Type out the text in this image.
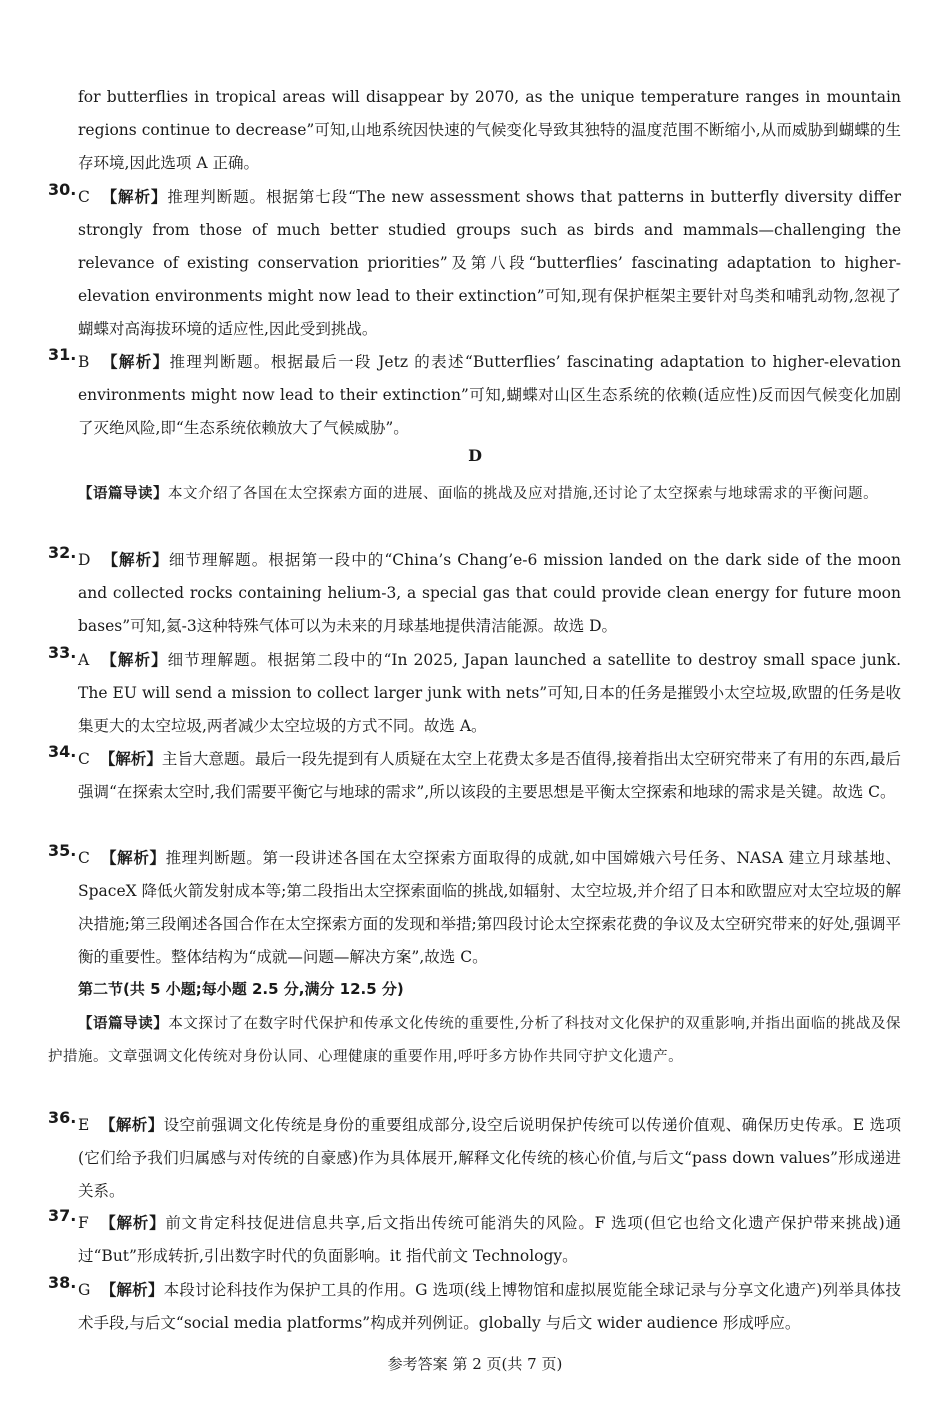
for butterflies in tropical areas will disappear by 2070, as the unique temperature ranges in mountain regions continue to decrease”可知,山地系统因快速的气候变化导致其独特的温度范围不断缩小,从而威胁到蝴蝶的生存环境,因此选项 A 正确。
30. C 【解析】推理判断题。根据第七段“The new assessment shows that patterns in butterfly diversity differ strongly from those of much better studied groups such as birds and mammals—challenging the relevance of existing conservation priorities”及第八段“butterflies’ fascinating adaptation to higher-elevation environments might now lead to their extinction”可知,现有保护框架主要针对鸟类和哺乳动物,忽视了蝴蝶对高海拔环境的适应性,因此受到挑战。
31. B 【解析】推理判断题。根据最后一段 Jetz 的表述“Butterflies’ fascinating adaptation to higher-elevation environments might now lead to their extinction”可知,蝴蝶对山区生态系统的依赖(适应性)反而因气候变化加剧了灭绝风险,即“生态系统依赖放大了气候威胁”。
D
【语篇导读】本文介绍了各国在太空探索方面的进展、面临的挑战及应对措施,还讨论了太空探索与地球需求的平衡问题。
32. D 【解析】细节理解题。根据第一段中的“China’s Chang’e-6 mission landed on the dark side of the moon and collected rocks containing helium-3, a special gas that could provide clean energy for future moon bases”可知,氦-3这种特殊气体可以为未来的月球基地提供清洁能源。故选 D。
33. A 【解析】细节理解题。根据第二段中的“In 2025, Japan launched a satellite to destroy small space junk. The EU will send a mission to collect larger junk with nets”可知,日本的任务是摧毁小太空垃圾,欧盟的任务是收集更大的太空垃圾,两者减少太空垃圾的方式不同。故选 A。
34. C 【解析】主旨大意题。最后一段先提到有人质疑在太空上花费太多是否值得,接着指出太空研究带来了有用的东西,最后强调“在探索太空时,我们需要平衡它与地球的需求”,所以该段的主要思想是平衡太空探索和地球的需求是关键。故选 C。
35. C 【解析】推理判断题。第一段讲述各国在太空探索方面取得的成就,如中国嫦娥六号任务、NASA 建立月球基地、SpaceX 降低火箭发射成本等;第二段指出太空探索面临的挑战,如辐射、太空垃圾,并介绍了日本和欧盟应对太空垃圾的解决措施;第三段阐述各国合作在太空探索方面的发现和举措;第四段讨论太空探索花费的争议及太空研究带来的好处,强调平衡的重要性。整体结构为“成就—问题—解决方案”,故选 C。
第二节(共 5 小题;每小题 2.5 分,满分 12.5 分)
【语篇导读】本文探讨了在数字时代保护和传承文化传统的重要性,分析了科技对文化保护的双重影响,并指出面临的挑战及保护措施。文章强调文化传统对身份认同、心理健康的重要作用,呼吁多方协作共同守护文化遗产。
36. E 【解析】设空前强调文化传统是身份的重要组成部分,设空后说明保护传统可以传递价值观、确保历史传承。E 选项(它们给予我们归属感与对传统的自豪感)作为具体展开,解释文化传统的核心价值,与后文“pass down values”形成递进关系。
37. F 【解析】前文肯定科技促进信息共享,后文指出传统可能消失的风险。F 选项(但它也给文化遗产保护带来挑战)通过“But”形成转折,引出数字时代的负面影响。it 指代前文 Technology。
38. G 【解析】本段讨论科技作为保护工具的作用。G 选项(线上博物馆和虚拟展览能全球记录与分享文化遗产)列举具体技术手段,与后文“social media platforms”构成并列例证。globally 与后文 wider audience 形成呼应。
参考答案 第 2 页(共 7 页)
